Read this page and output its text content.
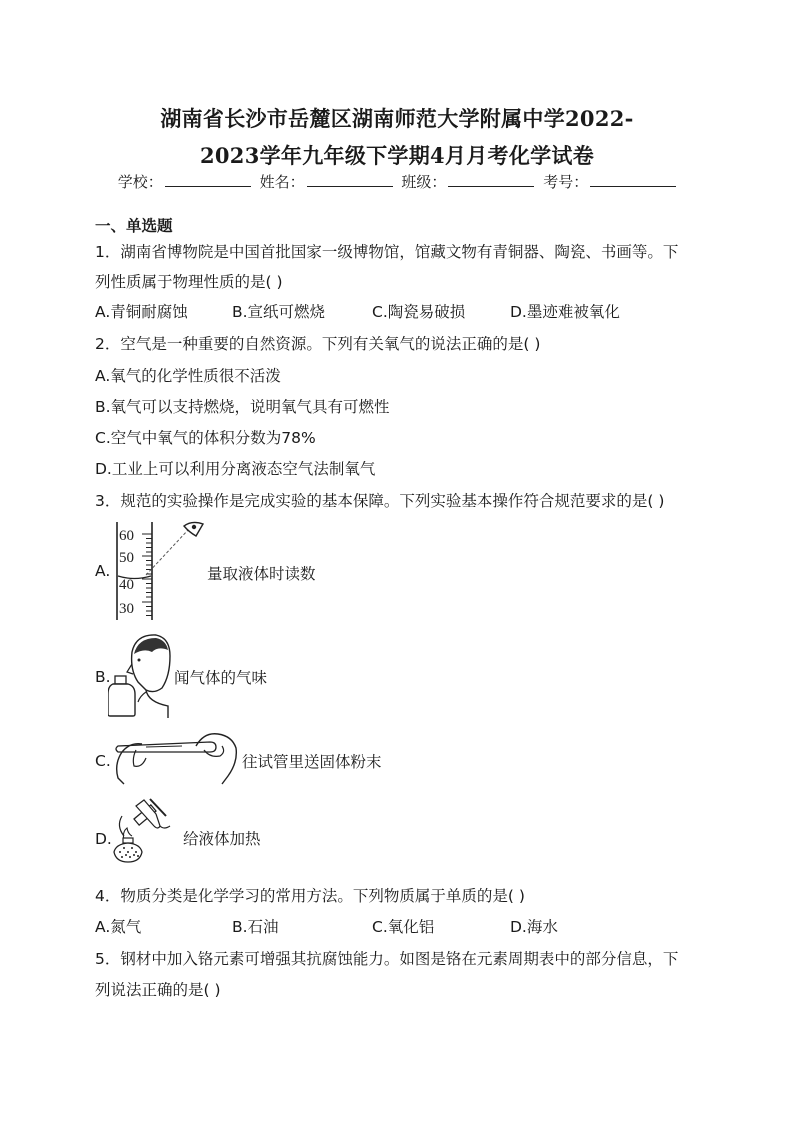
湖南省长沙市岳麓区湖南师范大学附属中学2022-
2023学年九年级下学期4月月考化学试卷
学校：	姓名：	班级：	考号：
一、单选题
1．湖南省博物院是中国首批国家一级博物馆，馆藏文物有青铜器、陶瓷、书画等。下
列性质属于物理性质的是( )
A.青铜耐腐蚀	B.宣纸可燃烧	C.陶瓷易破损	D.墨迹难被氧化
2．空气是一种重要的自然资源。下列有关氧气的说法正确的是( )
A.氧气的化学性质很不活泼
B.氧气可以支持燃烧，说明氧气具有可燃性
C.空气中氧气的体积分数为78%
D.工业上可以利用分离液态空气法制氧气
3．规范的实验操作是完成实验的基本保障。下列实验基本操作符合规范要求的是( )
A.
60
50
40
30
量取液体时读数
B.	闻气体的气味
C.	往试管里送固体粉末
D.	给液体加热
4．物质分类是化学学习的常用方法。下列物质属于单质的是( )
A.氮气	B.石油	C.氧化铝	D.海水
5．钢材中加入铬元素可增强其抗腐蚀能力。如图是铬在元素周期表中的部分信息，下
列说法正确的是( )
